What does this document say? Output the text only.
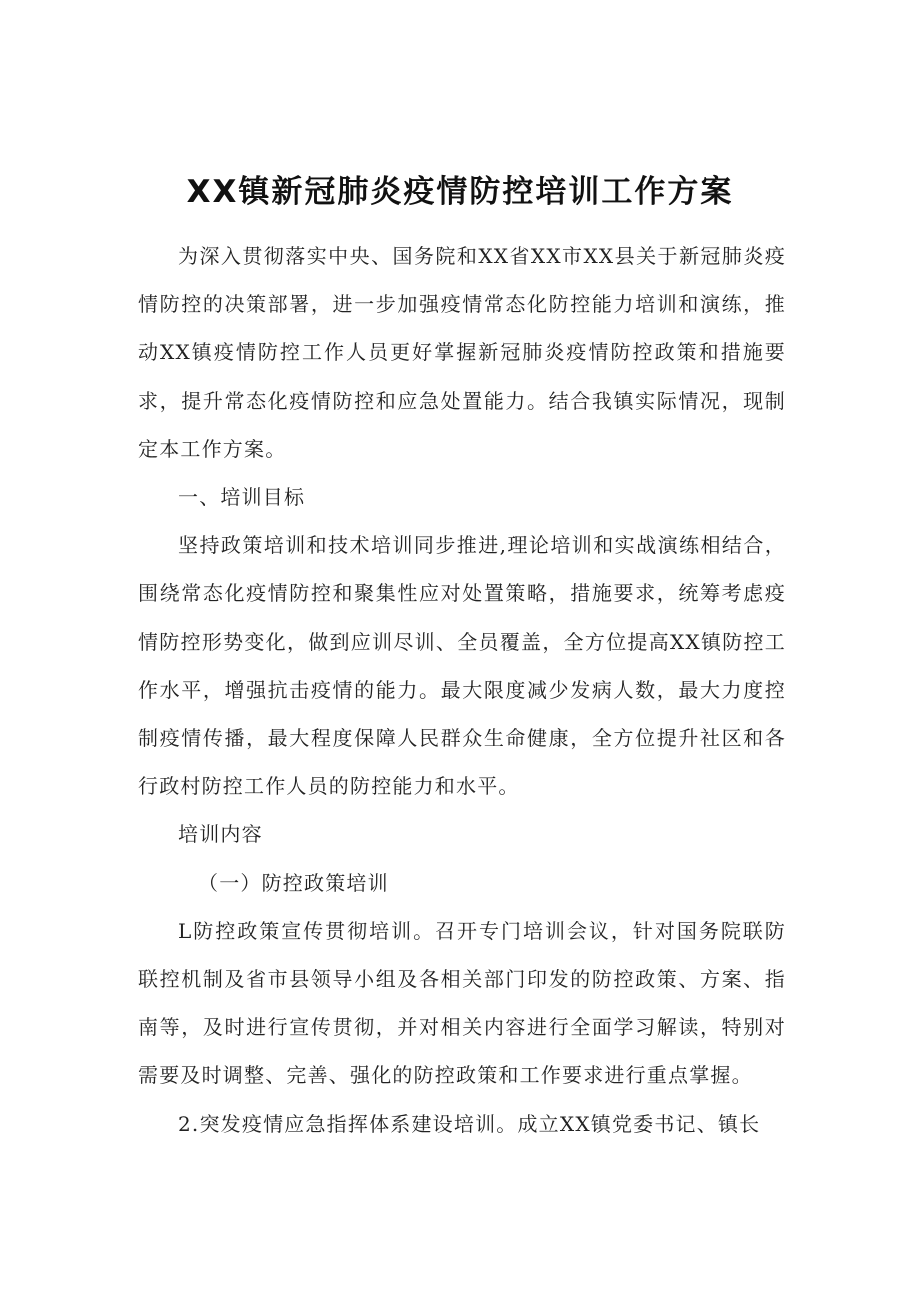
XX镇新冠肺炎疫情防控培训工作方案

为深入贯彻落实中央、国务院和XX省XX市XX县关于新冠肺炎疫情防控的决策部署，进一步加强疫情常态化防控能力培训和演练，推动XX镇疫情防控工作人员更好掌握新冠肺炎疫情防控政策和措施要求，提升常态化疫情防控和应急处置能力。结合我镇实际情况，现制定本工作方案。

一、培训目标

坚持政策培训和技术培训同步推进,理论培训和实战演练相结合，围绕常态化疫情防控和聚集性应对处置策略，措施要求，统筹考虑疫情防控形势变化，做到应训尽训、全员覆盖，全方位提高XX镇防控工作水平，增强抗击疫情的能力。最大限度减少发病人数，最大力度控制疫情传播，最大程度保障人民群众生命健康，全方位提升社区和各行政村防控工作人员的防控能力和水平。

培训内容

（一）防控政策培训

L防控政策宣传贯彻培训。召开专门培训会议，针对国务院联防联控机制及省市县领导小组及各相关部门印发的防控政策、方案、指南等，及时进行宣传贯彻，并对相关内容进行全面学习解读，特别对需要及时调整、完善、强化的防控政策和工作要求进行重点掌握。

2.突发疫情应急指挥体系建设培训。成立XX镇党委书记、镇长
